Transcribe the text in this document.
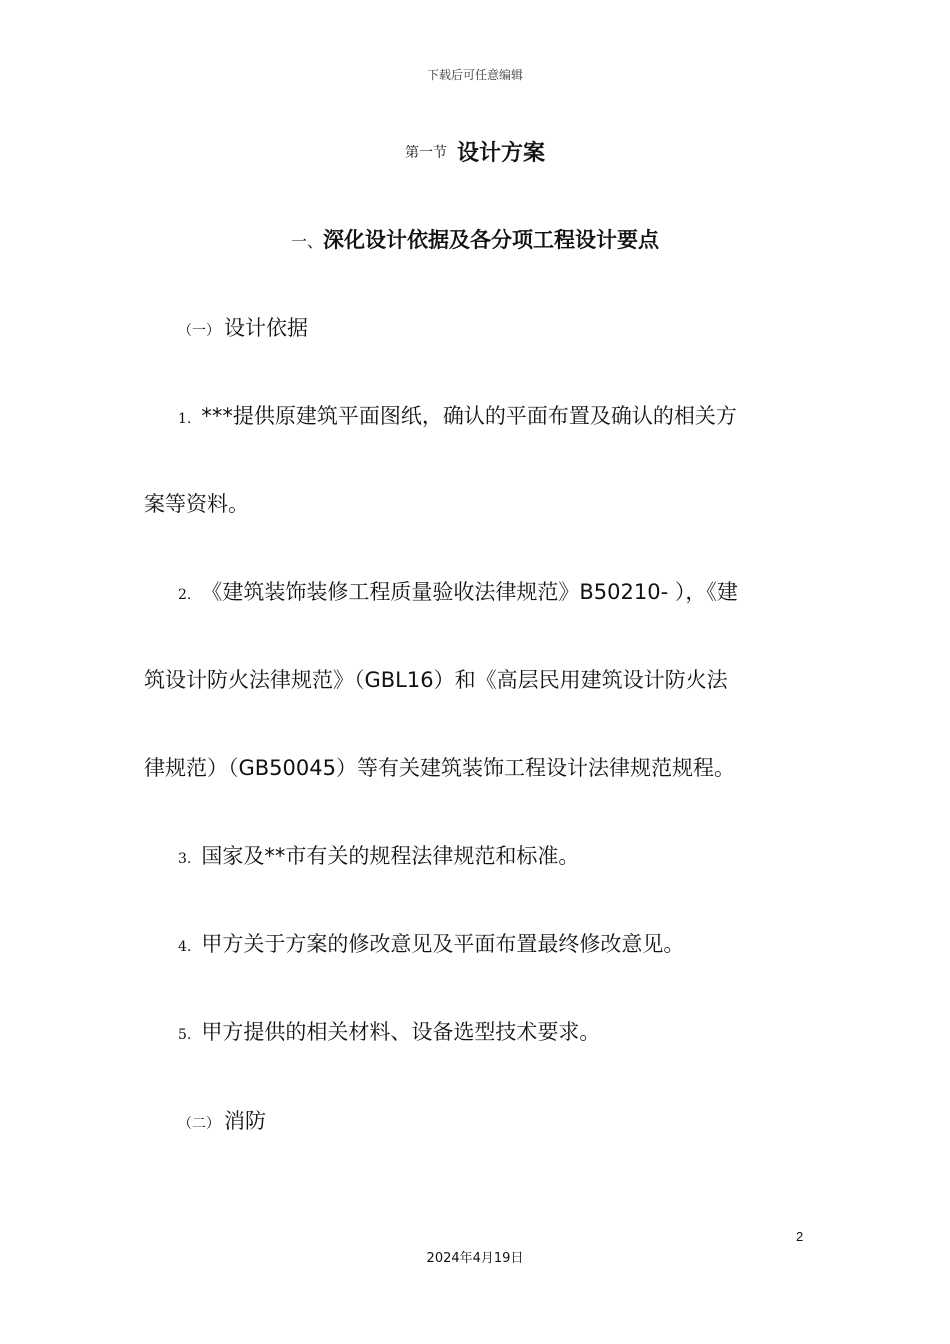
下载后可任意编辑
第一节 设计方案
一、深化设计依据及各分项工程设计要点
（一） 设计依据
1. ***提供原建筑平面图纸，确认的平面布置及确认的相关方
案等资料。
2. 《建筑装饰装修工程质量验收法律规范》B50210- ），《建
筑设计防火法律规范》（GBL16）和《高层民用建筑设计防火法
律规范）（GB50045）等有关建筑装饰工程设计法律规范规程。
3. 国家及**市有关的规程法律规范和标准。
4. 甲方关于方案的修改意见及平面布置最终修改意见。
5. 甲方提供的相关材料、设备选型技术要求。
（二） 消防
2
2024年4月19日
